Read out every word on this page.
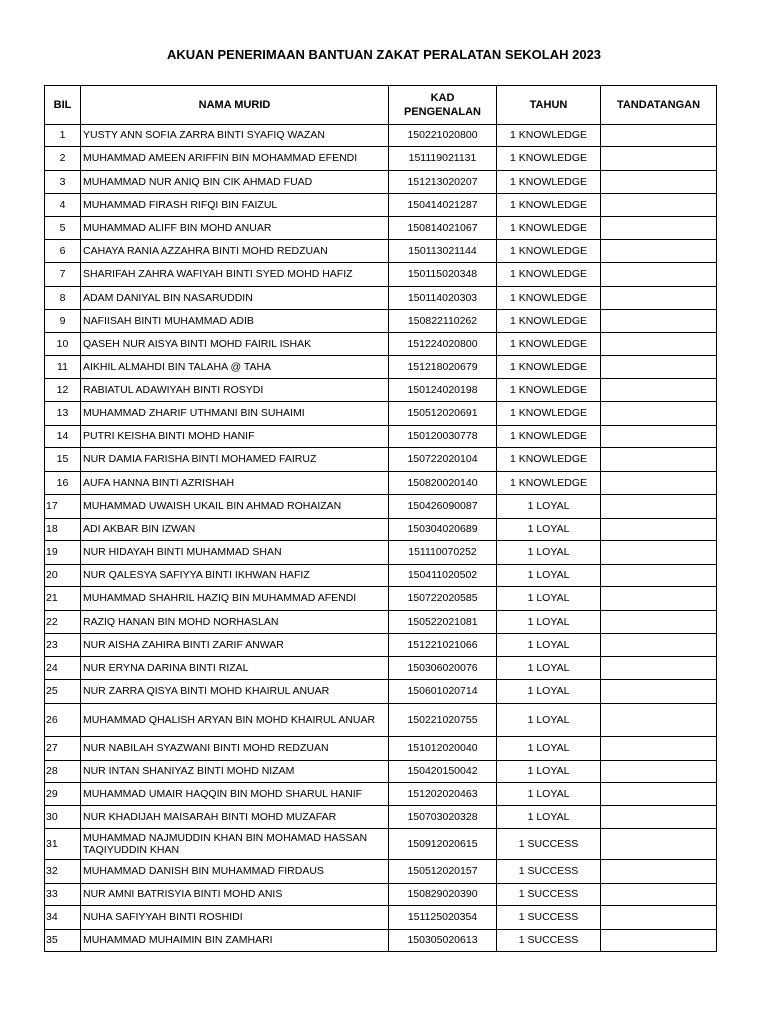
AKUAN PENERIMAAN BANTUAN ZAKAT PERALATAN SEKOLAH 2023
BIL	NAMA MURID	KAD PENGENALAN	TAHUN	TANDATANGAN
1	YUSTY ANN SOFIA ZARRA BINTI SYAFIQ WAZAN	150221020800	1 KNOWLEDGE	
2	MUHAMMAD AMEEN ARIFFIN BIN MOHAMMAD EFENDI	151119021131	1 KNOWLEDGE	
3	MUHAMMAD NUR ANIQ BIN CIK AHMAD FUAD	151213020207	1 KNOWLEDGE	
4	MUHAMMAD FIRASH RIFQI BIN FAIZUL	150414021287	1 KNOWLEDGE	
5	MUHAMMAD ALIFF BIN MOHD ANUAR	150814021067	1 KNOWLEDGE	
6	CAHAYA RANIA AZZAHRA BINTI MOHD REDZUAN	150113021144	1 KNOWLEDGE	
7	SHARIFAH ZAHRA WAFIYAH BINTI SYED MOHD HAFIZ	150115020348	1 KNOWLEDGE	
8	ADAM DANIYAL BIN NASARUDDIN	150114020303	1 KNOWLEDGE	
9	NAFIISAH BINTI MUHAMMAD ADIB	150822110262	1 KNOWLEDGE	
10	QASEH NUR AISYA BINTI MOHD FAIRIL ISHAK	151224020800	1 KNOWLEDGE	
11	AIKHIL ALMAHDI BIN TALAHA @ TAHA	151218020679	1 KNOWLEDGE	
12	RABIATUL ADAWIYAH BINTI ROSYDI	150124020198	1 KNOWLEDGE	
13	MUHAMMAD ZHARIF UTHMANI BIN SUHAIMI	150512020691	1 KNOWLEDGE	
14	PUTRI KEISHA BINTI MOHD HANIF	150120030778	1 KNOWLEDGE	
15	NUR DAMIA FARISHA BINTI MOHAMED FAIRUZ	150722020104	1 KNOWLEDGE	
16	AUFA HANNA BINTI AZRISHAH	150820020140	1 KNOWLEDGE	
17	MUHAMMAD UWAISH UKAIL BIN AHMAD ROHAIZAN	150426090087	1 LOYAL	
18	ADI AKBAR BIN IZWAN	150304020689	1 LOYAL	
19	NUR HIDAYAH BINTI MUHAMMAD SHAN	151110070252	1 LOYAL	
20	NUR QALESYA SAFIYYA BINTI IKHWAN HAFIZ	150411020502	1 LOYAL	
21	MUHAMMAD SHAHRIL HAZIQ BIN MUHAMMAD AFENDI	150722020585	1 LOYAL	
22	RAZIQ HANAN BIN MOHD NORHASLAN	150522021081	1 LOYAL	
23	NUR AISHA ZAHIRA BINTI ZARIF ANWAR	151221021066	1 LOYAL	
24	NUR ERYNA DARINA BINTI RIZAL	150306020076	1 LOYAL	
25	NUR ZARRA QISYA BINTI MOHD KHAIRUL ANUAR	150601020714	1 LOYAL	
26	MUHAMMAD QHALISH ARYAN BIN MOHD KHAIRUL ANUAR	150221020755	1 LOYAL	
27	NUR NABILAH SYAZWANI BINTI MOHD REDZUAN	151012020040	1 LOYAL	
28	NUR INTAN SHANIYAZ BINTI MOHD NIZAM	150420150042	1 LOYAL	
29	MUHAMMAD UMAIR HAQQIN BIN MOHD SHARUL HANIF	151202020463	1 LOYAL	
30	NUR KHADIJAH MAISARAH BINTI MOHD MUZAFAR	150703020328	1 LOYAL	
31	MUHAMMAD NAJMUDDIN KHAN BIN MOHAMAD HASSAN TAQIYUDDIN KHAN	150912020615	1 SUCCESS	
32	MUHAMMAD DANISH BIN MUHAMMAD FIRDAUS	150512020157	1 SUCCESS	
33	NUR AMNI BATRISYIA BINTI MOHD ANIS	150829020390	1 SUCCESS	
34	NUHA SAFIYYAH BINTI ROSHIDI	151125020354	1 SUCCESS	
35	MUHAMMAD MUHAIMIN BIN ZAMHARI	150305020613	1 SUCCESS	
